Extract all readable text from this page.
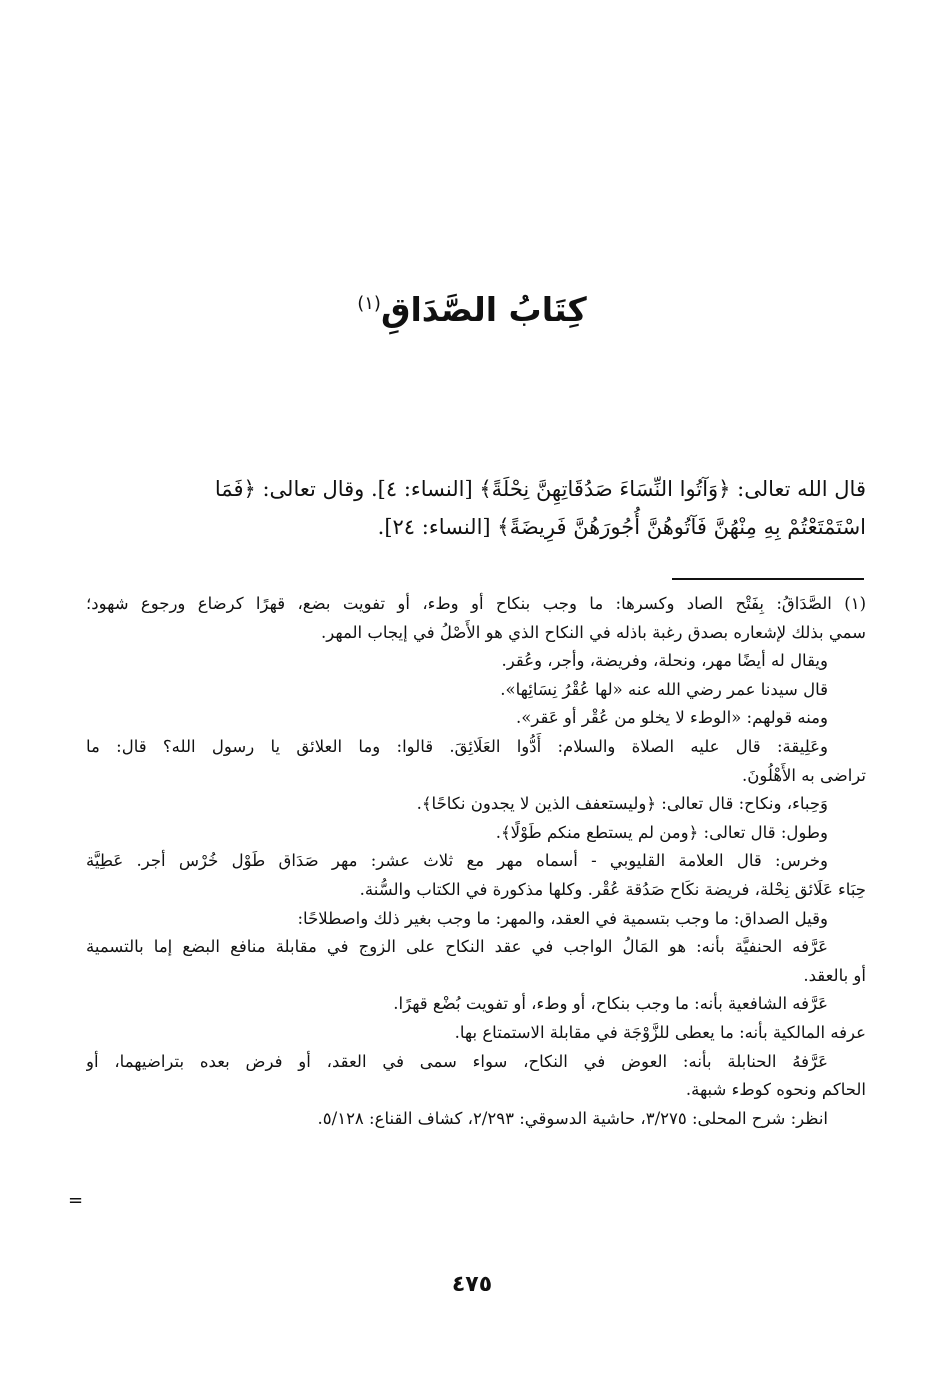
كِتَابُ الصَّدَاقِ$^{(١)}$

قال الله تعالى: ﴿وَآتُوا النِّسَاءَ صَدُقَاتِهِنَّ نِحْلَةً﴾ [النساء: ٤]. وقال تعالى: ﴿فَمَا

اسْتَمْتَعْتُمْ بِهِ مِنْهُنَّ فَآتُوهُنَّ أُجُورَهُنَّ فَرِيضَةً﴾ [النساء: ٢٤].

(١) الصَّدَاقُ: بِفَتْح الصاد وكسرها: ما وجب بنكاح أو وطء، أو تفويت بضع، قهرًا كرضاع ورجوع شهود؛

سمي بذلك لإشعاره بصدق رغبة باذله في النكاح الذي هو الأَصْلُ في إيجاب المهر.

ويقال له أيضًا مهر، ونحلة، وفريضة، وأجر، وعُقر.

قال سيدنا عمر رضي الله عنه «لها عُقْرُ نِسَائِها».

ومنه قولهم: «الوطء لا يخلو من عُقْر أو عَقر».

وعَلِيقة: قال عليه الصلاة والسلام: أَدُّوا العَلَائِقَ. قالوا: وما العلائق يا رسول الله؟ قال: ما

تراضى به الأَهْلُونَ.

وَحِباء، ونكاح: قال تعالى: ﴿وليستعفف الذين لا يجدون نكاحًا﴾.

وطول: قال تعالى: ﴿ومن لم يستطع منكم طَوْلًا﴾.

وخرس: قال العلامة القليوبي - أسماه مهر مع ثلاث عشر: مهر صَدَاق طَوْل خُرْس أجر. عَطِيَّة

حِبَاء عَلَائق نِحْلة، فريضة نكَاح صَدُقة عُقْر. وكلها مذكورة في الكتاب والسُّنة.

وقيل الصداق: ما وجب بتسمية في العقد، والمهر: ما وجب بغير ذلك واصطلاحًا:

عَرَّفه الحنفيَّة بأنه: هو المَالُ الواجب في عقد النكاح على الزوج في مقابلة منافع البضع إما بالتسمية

أو بالعقد.

عَرَّفه الشافعية بأنه: ما وجب بنكاح، أو وطء، أو تفويت بُضْع قهرًا.

عرفه المالكية بأنه: ما يعطى للزَّوْجَة في مقابلة الاستمتاع بها.

عَرَّفهُ الحنابلة بأنه: العوض في النكاح، سواء سمى في العقد، أو فرض بعده بتراضيهما، أو

الحاكم ونحوه كوطء شبهة.

انظر: شرح المحلى: ٣/٢٧٥، حاشية الدسوقي: ٢/٢٩٣، كشاف القناع: ٥/١٢٨.

=
٤٧٥
